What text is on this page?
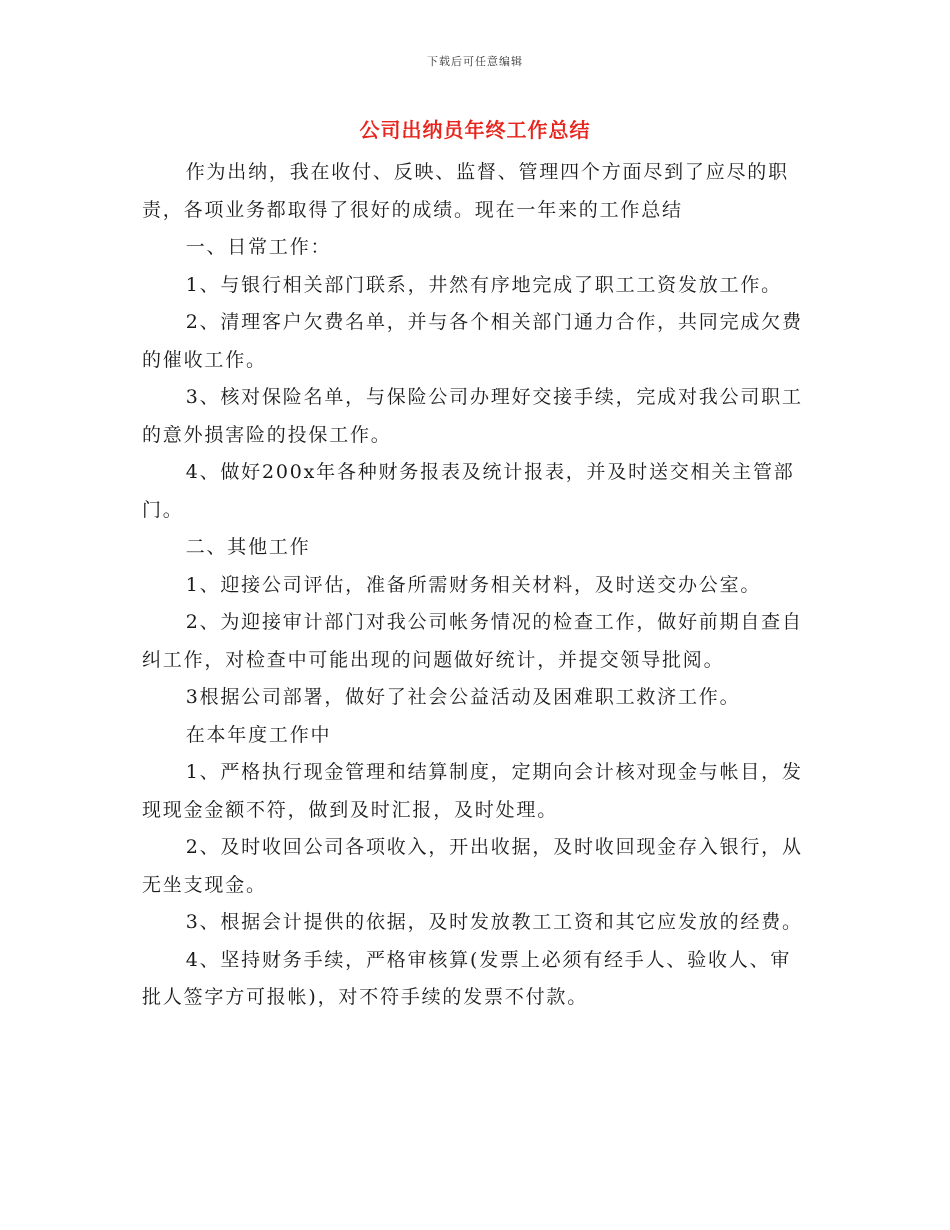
下载后可任意编辑
公司出纳员年终工作总结

作为出纳，我在收付、反映、监督、管理四个方面尽到了应尽的职责，各项业务都取得了很好的成绩。现在一年来的工作总结

一、日常工作：

1、与银行相关部门联系，井然有序地完成了职工工资发放工作。

2、清理客户欠费名单，并与各个相关部门通力合作，共同完成欠费的催收工作。

3、核对保险名单，与保险公司办理好交接手续，完成对我公司职工的意外损害险的投保工作。

4、做好200x年各种财务报表及统计报表，并及时送交相关主管部门。

二、其他工作

1、迎接公司评估，准备所需财务相关材料，及时送交办公室。

2、为迎接审计部门对我公司帐务情况的检查工作，做好前期自查自纠工作，对检查中可能出现的问题做好统计，并提交领导批阅。

3根据公司部署，做好了社会公益活动及困难职工救济工作。

在本年度工作中

1、严格执行现金管理和结算制度，定期向会计核对现金与帐目，发现现金金额不符，做到及时汇报，及时处理。

2、及时收回公司各项收入，开出收据，及时收回现金存入银行，从无坐支现金。

3、根据会计提供的依据，及时发放教工工资和其它应发放的经费。

4、坚持财务手续，严格审核算(发票上必须有经手人、验收人、审批人签字方可报帐)，对不符手续的发票不付款。
